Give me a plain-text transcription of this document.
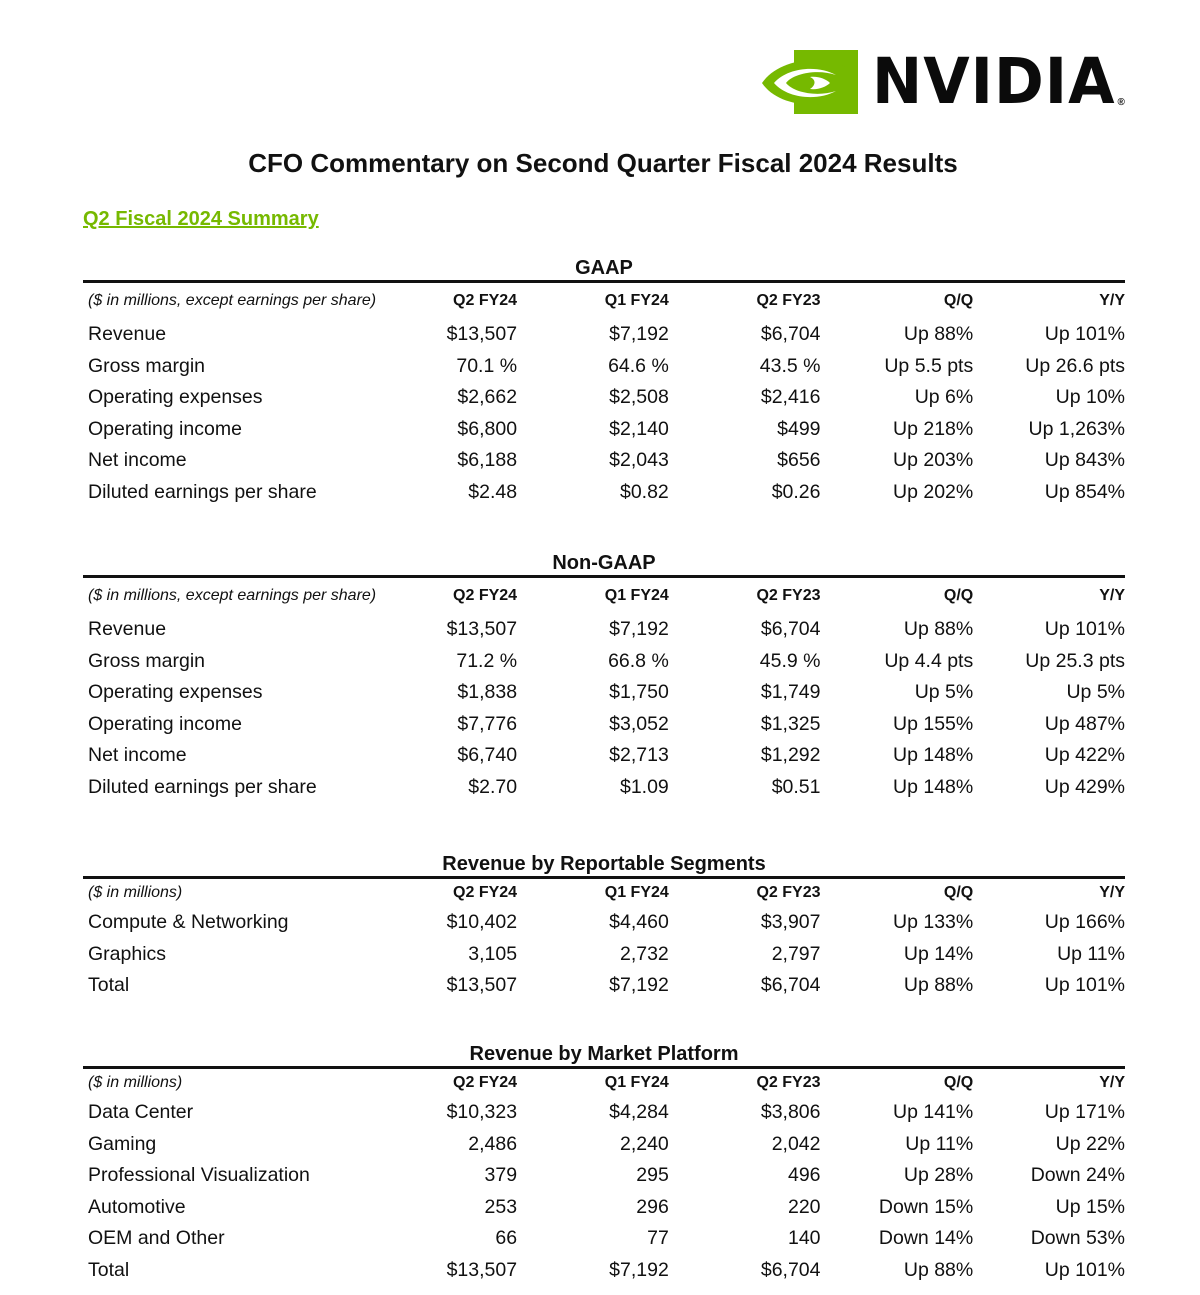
NVIDIA ®
CFO Commentary on Second Quarter Fiscal 2024 Results
Q2 Fiscal 2024 Summary
GAAP
($ in millions, except earnings per share)	Q2 FY24	Q1 FY24	Q2 FY23	Q/Q	Y/Y
Revenue	$13,507	$7,192	$6,704	Up 88%	Up 101%
Gross margin	70.1 %	64.6 %	43.5 %	Up 5.5 pts	Up 26.6 pts
Operating expenses	$2,662	$2,508	$2,416	Up 6%	Up 10%
Operating income	$6,800	$2,140	$499	Up 218%	Up 1,263%
Net income	$6,188	$2,043	$656	Up 203%	Up 843%
Diluted earnings per share	$2.48	$0.82	$0.26	Up 202%	Up 854%
Non-GAAP
($ in millions, except earnings per share)	Q2 FY24	Q1 FY24	Q2 FY23	Q/Q	Y/Y
Revenue	$13,507	$7,192	$6,704	Up 88%	Up 101%
Gross margin	71.2 %	66.8 %	45.9 %	Up 4.4 pts	Up 25.3 pts
Operating expenses	$1,838	$1,750	$1,749	Up 5%	Up 5%
Operating income	$7,776	$3,052	$1,325	Up 155%	Up 487%
Net income	$6,740	$2,713	$1,292	Up 148%	Up 422%
Diluted earnings per share	$2.70	$1.09	$0.51	Up 148%	Up 429%
Revenue by Reportable Segments
($ in millions)	Q2 FY24	Q1 FY24	Q2 FY23	Q/Q	Y/Y
Compute & Networking	$10,402	$4,460	$3,907	Up 133%	Up 166%
Graphics	3,105	2,732	2,797	Up 14%	Up 11%
Total	$13,507	$7,192	$6,704	Up 88%	Up 101%
Revenue by Market Platform
($ in millions)	Q2 FY24	Q1 FY24	Q2 FY23	Q/Q	Y/Y
Data Center	$10,323	$4,284	$3,806	Up 141%	Up 171%
Gaming	2,486	2,240	2,042	Up 11%	Up 22%
Professional Visualization	379	295	496	Up 28%	Down 24%
Automotive	253	296	220	Down 15%	Up 15%
OEM and Other	66	77	140	Down 14%	Down 53%
Total	$13,507	$7,192	$6,704	Up 88%	Up 101%
